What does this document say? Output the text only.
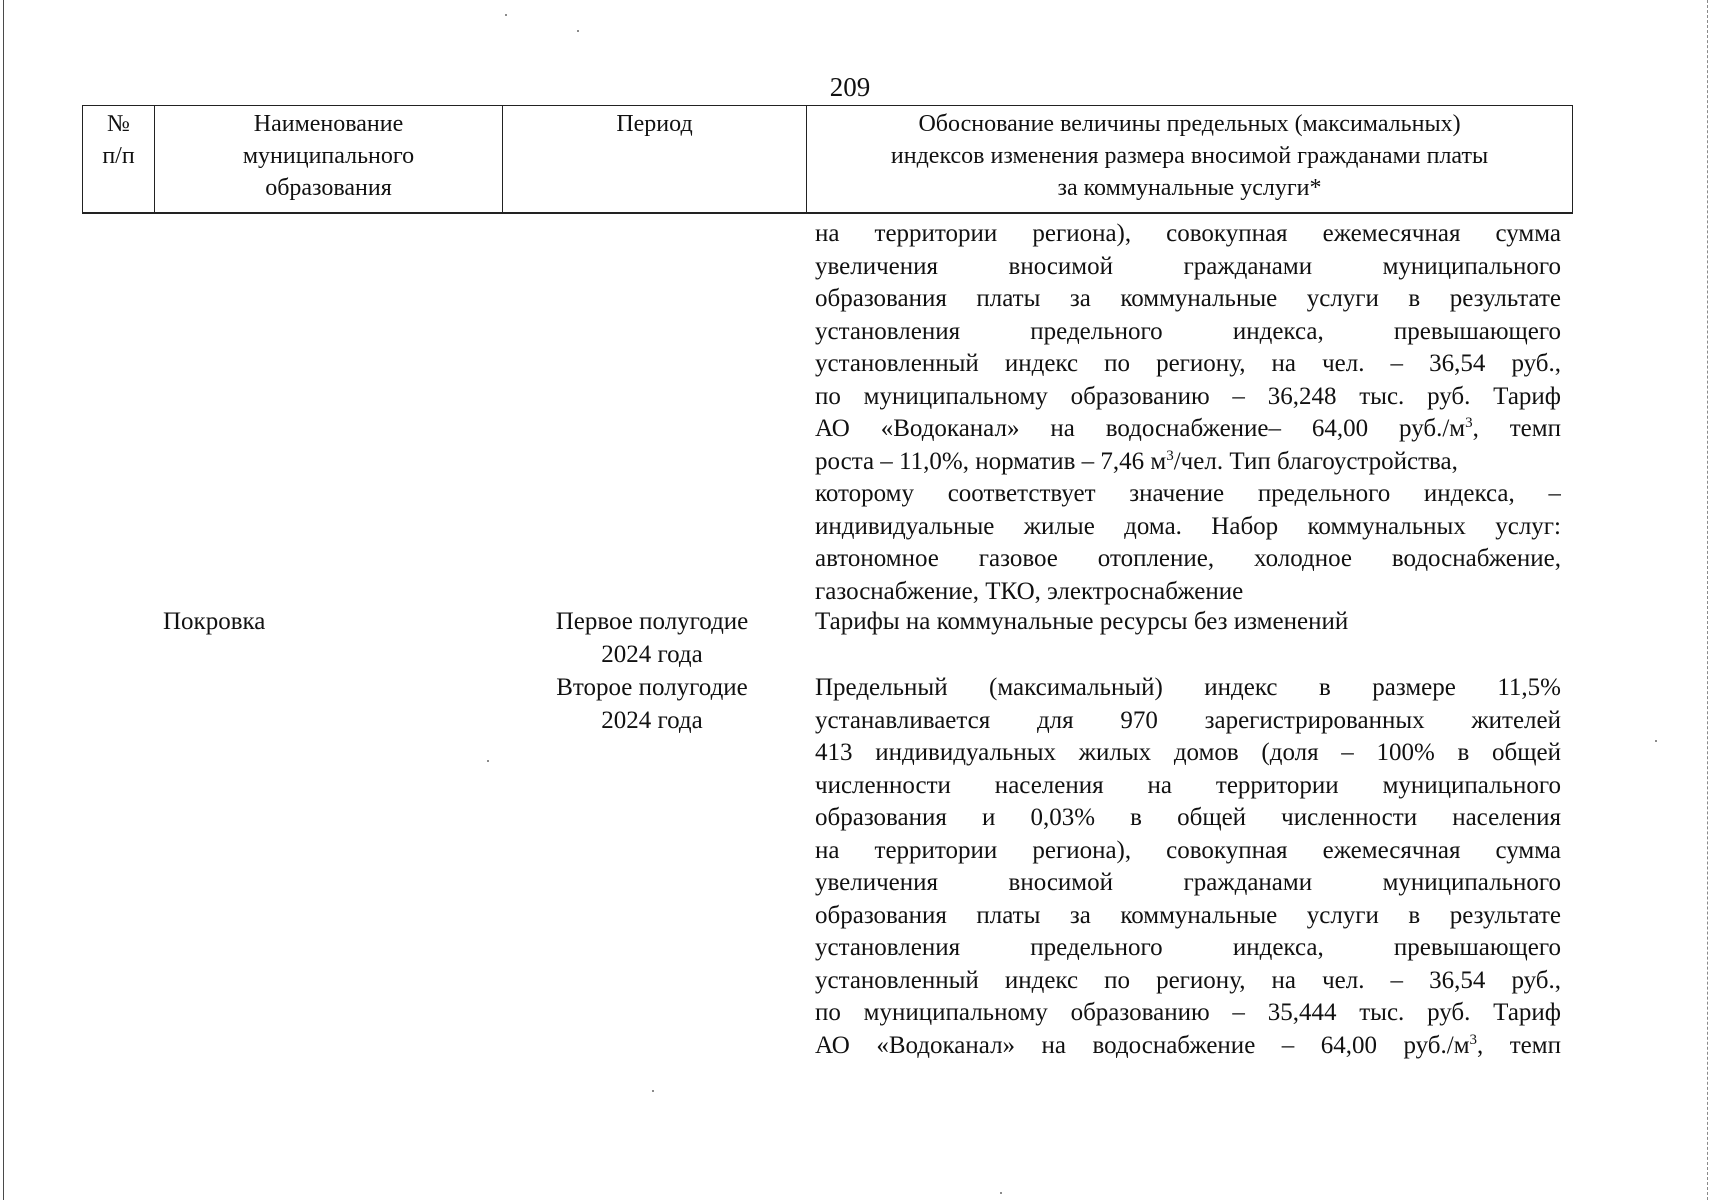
209
№
п/п
Наименование
муниципального
образования
Период	Обоснование величины предельных (максимальных)
индексов изменения размера вносимой гражданами платы
за коммунальные услуги*
на территории региона), совокупная ежемесячная сумма
увеличения вносимой гражданами муниципального
образования платы за коммунальные услуги в результате
установления предельного индекса, превышающего
установленный индекс по региону, на чел. – 36,54 руб.,
по муниципальному образованию – 36,248 тыс. руб. Тариф
АО «Водоканал» на водоснабжение– 64,00 $руб./м^3$, темп
роста – 11,0%, норматив – 7,46 $м^3$/чел. Тип благоустройства,
которому соответствует значение предельного индекса, –
индивидуальные жилые дома. Набор коммунальных услуг:
автономное газовое отопление, холодное водоснабжение,
газоснабжение, ТКО, электроснабжение
Покровка	Первое полугодие
2024 года
Тарифы на коммунальные ресурсы без изменений
Второе полугодие
2024 года
Предельный (максимальный) индекс в размере 11,5%
устанавливается для 970 зарегистрированных жителей
413 индивидуальных жилых домов (доля – 100% в общей
численности населения на территории муниципального
образования и 0,03% в общей численности населения
на территории региона), совокупная ежемесячная сумма
увеличения вносимой гражданами муниципального
образования платы за коммунальные услуги в результате
установления предельного индекса, превышающего
установленный индекс по региону, на чел. – 36,54 руб.,
по муниципальному образованию – 35,444 тыс. руб. Тариф
АО «Водоканал» на водоснабжение – 64,00 $руб./м^3$, темп
